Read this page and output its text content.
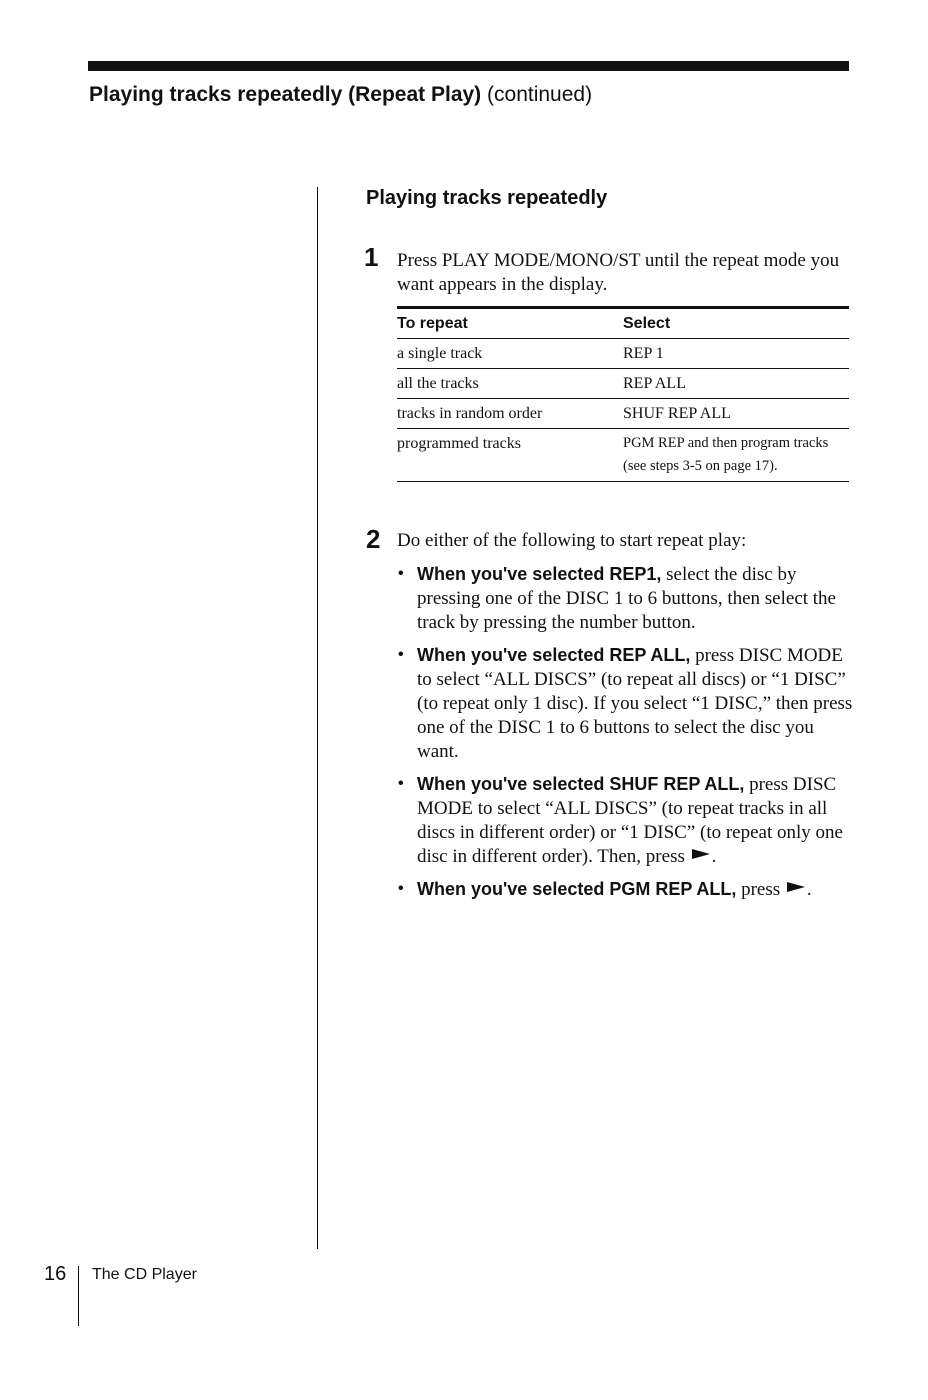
Playing tracks repeatedly (Repeat Play) (continued)
Playing tracks repeatedly
1 Press PLAY MODE/MONO/ST until the repeat mode you want appears in the display.
To repeat	Select
a single track	REP 1
all the tracks	REP ALL
tracks in random order	SHUF REP ALL
programmed tracks	PGM REP and then program tracks (see steps 3-5 on page 17).
2 Do either of the following to start repeat play:
• When you've selected REP1, select the disc by pressing one of the DISC 1 to 6 buttons, then select the track by pressing the number button.
• When you've selected REP ALL, press DISC MODE to select “ALL DISCS” (to repeat all discs) or “1 DISC” (to repeat only 1 disc). If you select “1 DISC,” then press one of the DISC 1 to 6 buttons to select the disc you want.
• When you've selected SHUF REP ALL, press DISC MODE to select “ALL DISCS” (to repeat tracks in all discs in different order) or “1 DISC” (to repeat only one disc in different order). Then, press .
• When you've selected PGM REP ALL, press .
16 The CD Player
